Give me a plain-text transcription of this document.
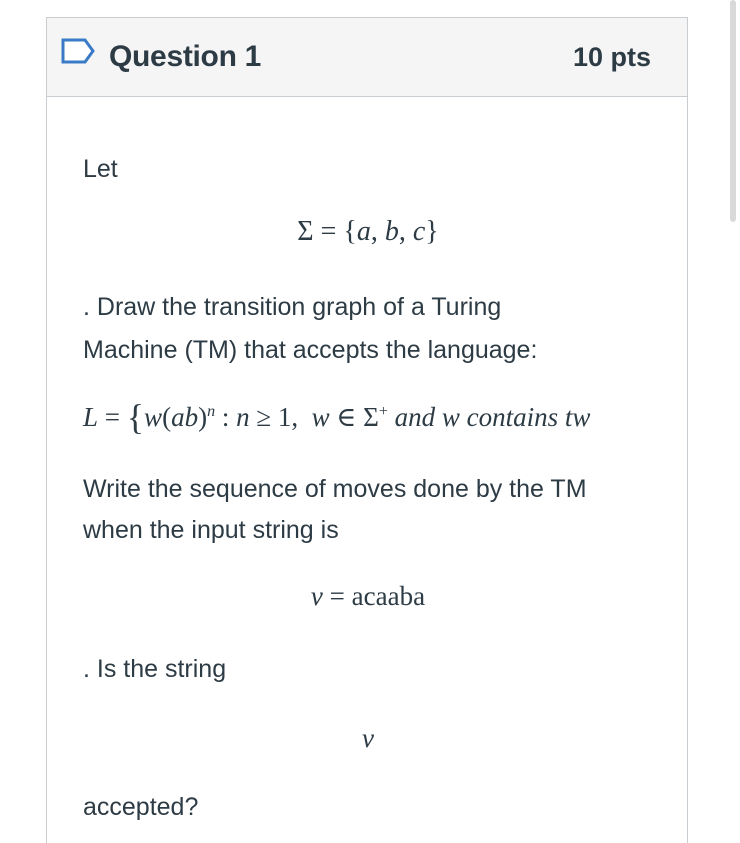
Question 1	10 pts
Let
Σ = {a, b, c}
. Draw the transition graph of a Turing
Machine (TM) that accepts the language:
L = {w(ab)$^n$ : n ≥ 1,  w ∈ Σ+ and w contains tw
Write the sequence of moves done by the TM
when the input string is
v = acaaba
. Is the string
v
accepted?
